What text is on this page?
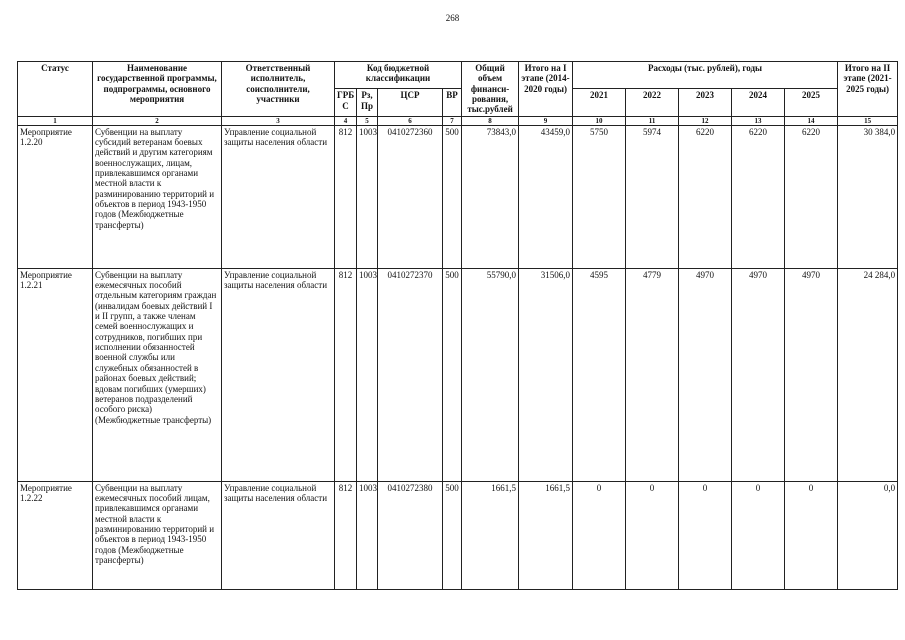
268
Статус	Наименование государственной программы, подпрограммы, основного мероприятия	Ответственный исполнитель, соисполнители, участники	Код бюджетной классификации				Общий объем финанси-рования, тыс.рублей	Итого на I этапе (2014-2020 годы)	Расходы (тыс. рублей), годы					Итого на II этапе (2021-2025 годы)
			ГРБ С	Рз, Пр	ЦСР	ВР			2021	2022	2023	2024	2025	
1	2	3	4	5	6	7	8	9	10	11	12	13	14	15
Мероприятие 1.2.20	Субвенции на выплату субсидий ветеранам боевых действий и другим категориям военнослужащих, лицам, привлекавшимся органами местной власти к разминированию территорий и объектов в период 1943-1950 годов (Межбюджетные трансферты)	Управление социальной защиты населения области	812	1003	0410272360	500	73843,0	43459,0	5750	5974	6220	6220	6220	30 384,0
Мероприятие 1.2.21	Субвенции на выплату ежемесячных пособий отдельным категориям граждан (инвалидам боевых действий I и II групп, а также членам семей военнослужащих и сотрудников, погибших при исполнении обязанностей военной службы или служебных обязанностей в районах боевых действий; вдовам погибших (умерших) ветеранов подразделений особого риска) (Межбюджетные трансферты)	Управление социальной защиты населения области	812	1003	0410272370	500	55790,0	31506,0	4595	4779	4970	4970	4970	24 284,0
Мероприятие 1.2.22	Субвенции на выплату ежемесячных пособий лицам, привлекавшимся органами местной власти к разминированию территорий и объектов в период 1943-1950 годов (Межбюджетные трансферты)	Управление социальной защиты населения области	812	1003	0410272380	500	1661,5	1661,5	0	0	0	0	0	0,0
